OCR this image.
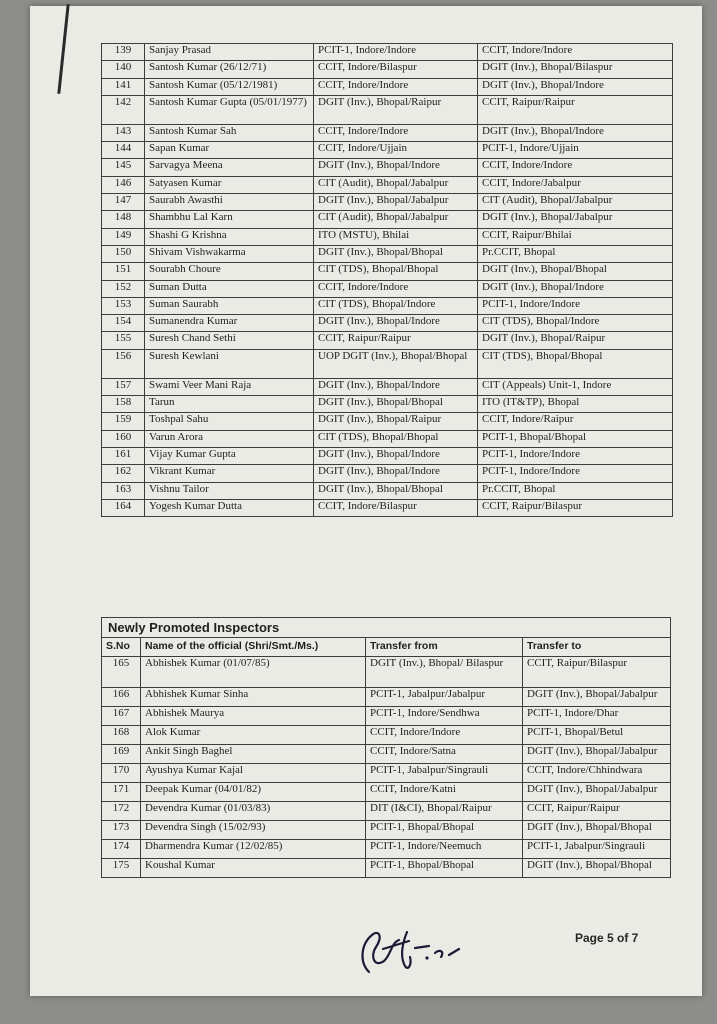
139	Sanjay Prasad	PCIT-1, Indore/Indore	CCIT, Indore/Indore
140	Santosh Kumar (26/12/71)	CCIT, Indore/Bilaspur	DGIT (Inv.), Bhopal/Bilaspur
141	Santosh Kumar (05/12/1981)	CCIT, Indore/Indore	DGIT (Inv.), Bhopal/Indore
142	Santosh Kumar Gupta (05/01/1977)	DGIT (Inv.), Bhopal/Raipur	CCIT, Raipur/Raipur
143	Santosh Kumar Sah	CCIT, Indore/Indore	DGIT (Inv.), Bhopal/Indore
144	Sapan Kumar	CCIT, Indore/Ujjain	PCIT-1, Indore/Ujjain
145	Sarvagya Meena	DGIT (Inv.), Bhopal/Indore	CCIT, Indore/Indore
146	Satyasen Kumar	CIT (Audit), Bhopal/Jabalpur	CCIT, Indore/Jabalpur
147	Saurabh Awasthi	DGIT (Inv.), Bhopal/Jabalpur	CIT (Audit), Bhopal/Jabalpur
148	Shambhu Lal Karn	CIT (Audit), Bhopal/Jabalpur	DGIT (Inv.), Bhopal/Jabalpur
149	Shashi G Krishna	ITO (MSTU), Bhilai	CCIT, Raipur/Bhilai
150	Shivam Vishwakarma	DGIT (Inv.), Bhopal/Bhopal	Pr.CCIT, Bhopal
151	Sourabh Choure	CIT (TDS), Bhopal/Bhopal	DGIT (Inv.), Bhopal/Bhopal
152	Suman Dutta	CCIT, Indore/Indore	DGIT (Inv.), Bhopal/Indore
153	Suman Saurabh	CIT (TDS), Bhopal/Indore	PCIT-1, Indore/Indore
154	Sumanendra Kumar	DGIT (Inv.), Bhopal/Indore	CIT (TDS), Bhopal/Indore
155	Suresh Chand Sethi	CCIT, Raipur/Raipur	DGIT (Inv.), Bhopal/Raipur
156	Suresh Kewlani	UOP DGIT (Inv.), Bhopal/Bhopal	CIT (TDS), Bhopal/Bhopal
157	Swami Veer Mani Raja	DGIT (Inv.), Bhopal/Indore	CIT (Appeals) Unit-1, Indore
158	Tarun	DGIT (Inv.), Bhopal/Bhopal	ITO (IT&TP), Bhopal
159	Toshpal Sahu	DGIT (Inv.), Bhopal/Raipur	CCIT, Indore/Raipur
160	Varun Arora	CIT (TDS), Bhopal/Bhopal	PCIT-1, Bhopal/Bhopal
161	Vijay Kumar Gupta	DGIT (Inv.), Bhopal/Indore	PCIT-1, Indore/Indore
162	Vikrant Kumar	DGIT (Inv.), Bhopal/Indore	PCIT-1, Indore/Indore
163	Vishnu Tailor	DGIT (Inv.), Bhopal/Bhopal	Pr.CCIT, Bhopal
164	Yogesh Kumar Dutta	CCIT, Indore/Bilaspur	CCIT, Raipur/Bilaspur
Newly Promoted Inspectors
S.No	Name of the official (Shri/Smt./Ms.)	Transfer from	Transfer to
165	Abhishek Kumar (01/07/85)	DGIT (Inv.), Bhopal/ Bilaspur	CCIT, Raipur/Bilaspur
166	Abhishek Kumar Sinha	PCIT-1, Jabalpur/Jabalpur	DGIT (Inv.), Bhopal/Jabalpur
167	Abhishek Maurya	PCIT-1, Indore/Sendhwa	PCIT-1, Indore/Dhar
168	Alok Kumar	CCIT, Indore/Indore	PCIT-1, Bhopal/Betul
169	Ankit Singh Baghel	CCIT, Indore/Satna	DGIT (Inv.), Bhopal/Jabalpur
170	Ayushya Kumar Kajal	PCIT-1, Jabalpur/Singrauli	CCIT, Indore/Chhindwara
171	Deepak Kumar (04/01/82)	CCIT, Indore/Katni	DGIT (Inv.), Bhopal/Jabalpur
172	Devendra Kumar (01/03/83)	DIT (I&CI), Bhopal/Raipur	CCIT, Raipur/Raipur
173	Devendra Singh (15/02/93)	PCIT-1, Bhopal/Bhopal	DGIT (Inv.), Bhopal/Bhopal
174	Dharmendra Kumar (12/02/85)	PCIT-1, Indore/Neemuch	PCIT-1, Jabalpur/Singrauli
175	Koushal Kumar	PCIT-1, Bhopal/Bhopal	DGIT (Inv.), Bhopal/Bhopal
Page 5 of 7
